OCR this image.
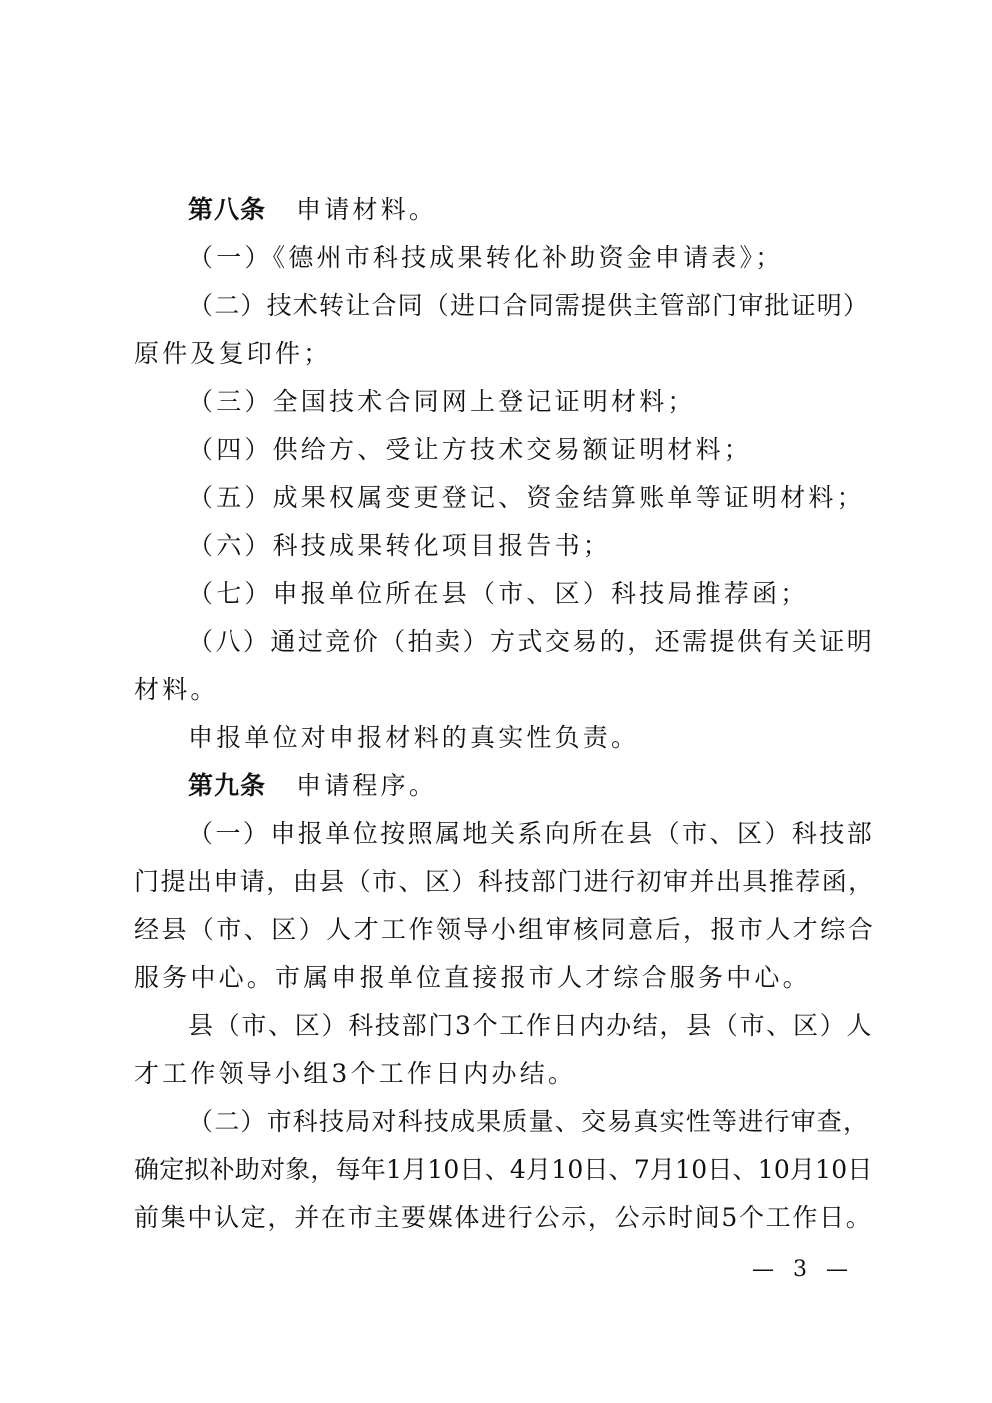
第八条 申请材料。
（一）《德州市科技成果转化补助资金申请表》；
（二）技术转让合同（进口合同需提供主管部门审批证明）
原件及复印件；
（三）全国技术合同网上登记证明材料；
（四）供给方、受让方技术交易额证明材料；
（五）成果权属变更登记、资金结算账单等证明材料；
（六）科技成果转化项目报告书；
（七）申报单位所在县（市、区）科技局推荐函；
（八）通过竞价（拍卖）方式交易的，还需提供有关证明
材料。
申报单位对申报材料的真实性负责。
第九条 申请程序。
（一）申报单位按照属地关系向所在县（市、区）科技部
门提出申请，由县（市、区）科技部门进行初审并出具推荐函，
经县（市、区）人才工作领导小组审核同意后，报市人才综合
服务中心。市属申报单位直接报市人才综合服务中心。
县（市、区）科技部门3个工作日内办结，县（市、区）人
才工作领导小组3个工作日内办结。
（二）市科技局对科技成果质量、交易真实性等进行审查，
确定拟补助对象，每年1月10日、4月10日、7月10日、10月10日
前集中认定，并在市主要媒体进行公示，公示时间5个工作日。
— 3 —
